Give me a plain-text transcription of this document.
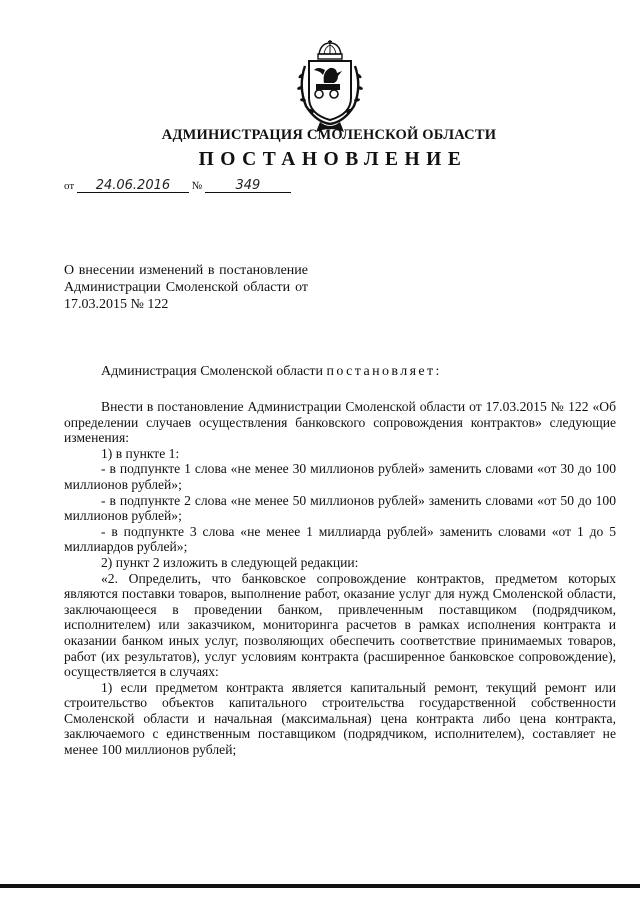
АДМИНИСТРАЦИЯ СМОЛЕНСКОЙ ОБЛАСТИ
ПОСТАНОВЛЕНИЕ
от 24.06.2016 №	349
О внесении изменений в постановление Администрации Смоленской области от 17.03.2015 № 122
Администрация Смоленской области постановляет:

Внести в постановление Администрации Смоленской области от 17.03.2015 № 122 «Об определении случаев осуществления банковского сопровождения контрактов» следующие изменения:

1) в пункте 1:

- в подпункте 1 слова «не менее 30 миллионов рублей» заменить словами «от 30 до 100 миллионов рублей»;

- в подпункте 2 слова «не менее 50 миллионов рублей» заменить словами «от 50 до 100 миллионов рублей»;

- в подпункте 3 слова «не менее 1 миллиарда рублей» заменить словами «от 1 до 5 миллиардов рублей»;

2) пункт 2 изложить в следующей редакции:

«2. Определить, что банковское сопровождение контрактов, предметом которых являются поставки товаров, выполнение работ, оказание услуг для нужд Смоленской области, заключающееся в проведении банком, привлеченным поставщиком (подрядчиком, исполнителем) или заказчиком, мониторинга расчетов в рамках исполнения контракта и оказании банком иных услуг, позволяющих обеспечить соответствие принимаемых товаров, работ (их результатов), услуг условиям контракта (расширенное банковское сопровождение), осуществляется в случаях:

1) если предметом контракта является капитальный ремонт, текущий ремонт или строительство объектов капитального строительства государственной собственности Смоленской области и начальная (максимальная) цена контракта либо цена контракта, заключаемого с единственным поставщиком (подрядчиком, исполнителем), составляет не менее 100 миллионов рублей;
